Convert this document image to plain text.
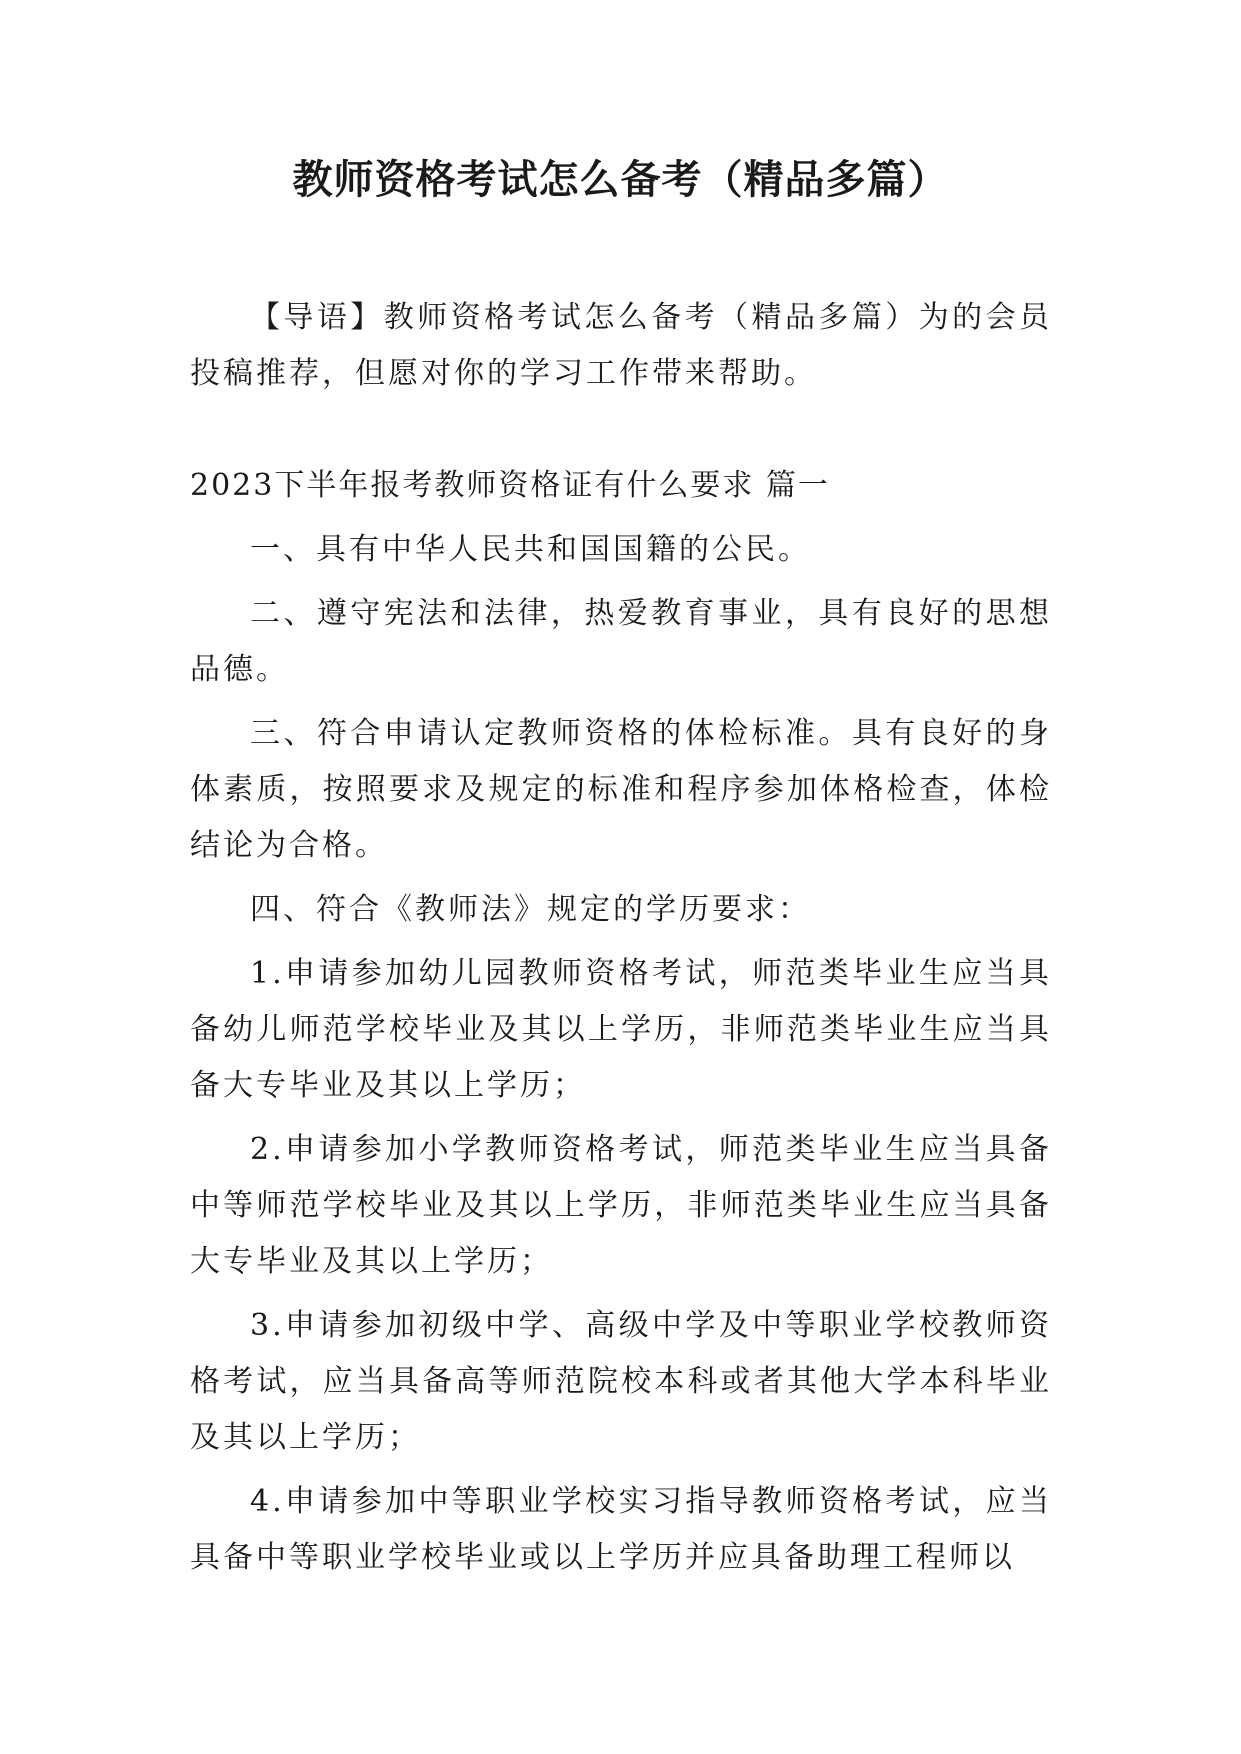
教师资格考试怎么备考（精品多篇）

【导语】教师资格考试怎么备考（精品多篇）为的会员投稿推荐，但愿对你的学习工作带来帮助。

2023下半年报考教师资格证有什么要求 篇一

一、具有中华人民共和国国籍的公民。

二、遵守宪法和法律，热爱教育事业，具有良好的思想品德。

三、符合申请认定教师资格的体检标准。具有良好的身体素质，按照要求及规定的标准和程序参加体格检查，体检结论为合格。

四、符合《教师法》规定的学历要求：

1.申请参加幼儿园教师资格考试，师范类毕业生应当具备幼儿师范学校毕业及其以上学历，非师范类毕业生应当具备大专毕业及其以上学历；

2.申请参加小学教师资格考试，师范类毕业生应当具备中等师范学校毕业及其以上学历，非师范类毕业生应当具备大专毕业及其以上学历；

3.申请参加初级中学、高级中学及中等职业学校教师资格考试，应当具备高等师范院校本科或者其他大学本科毕业及其以上学历；

4.申请参加中等职业学校实习指导教师资格考试，应当具备中等职业学校毕业或以上学历并应具备助理工程师以
